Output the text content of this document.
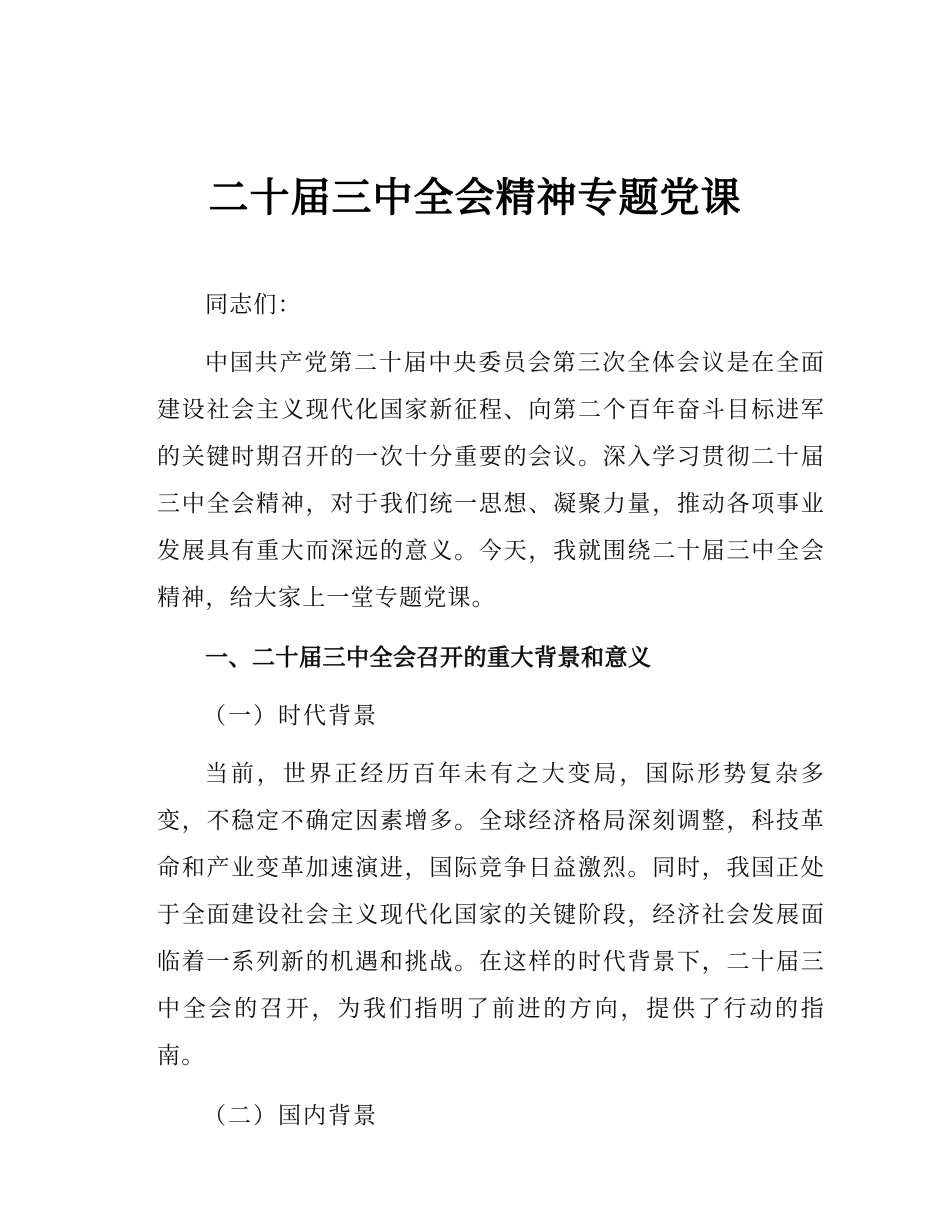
二十届三中全会精神专题党课

同志们：

中国共产党第二十届中央委员会第三次全体会议是在全面建设社会主义现代化国家新征程、向第二个百年奋斗目标进军的关键时期召开的一次十分重要的会议。深入学习贯彻二十届三中全会精神，对于我们统一思想、凝聚力量，推动各项事业发展具有重大而深远的意义。今天，我就围绕二十届三中全会精神，给大家上一堂专题党课。

一、二十届三中全会召开的重大背景和意义

（一）时代背景

当前，世界正经历百年未有之大变局，国际形势复杂多变，不稳定不确定因素增多。全球经济格局深刻调整，科技革命和产业变革加速演进，国际竞争日益激烈。同时，我国正处于全面建设社会主义现代化国家的关键阶段，经济社会发展面临着一系列新的机遇和挑战。在这样的时代背景下，二十届三中全会的召开，为我们指明了前进的方向，提供了行动的指南。

（二）国内背景
